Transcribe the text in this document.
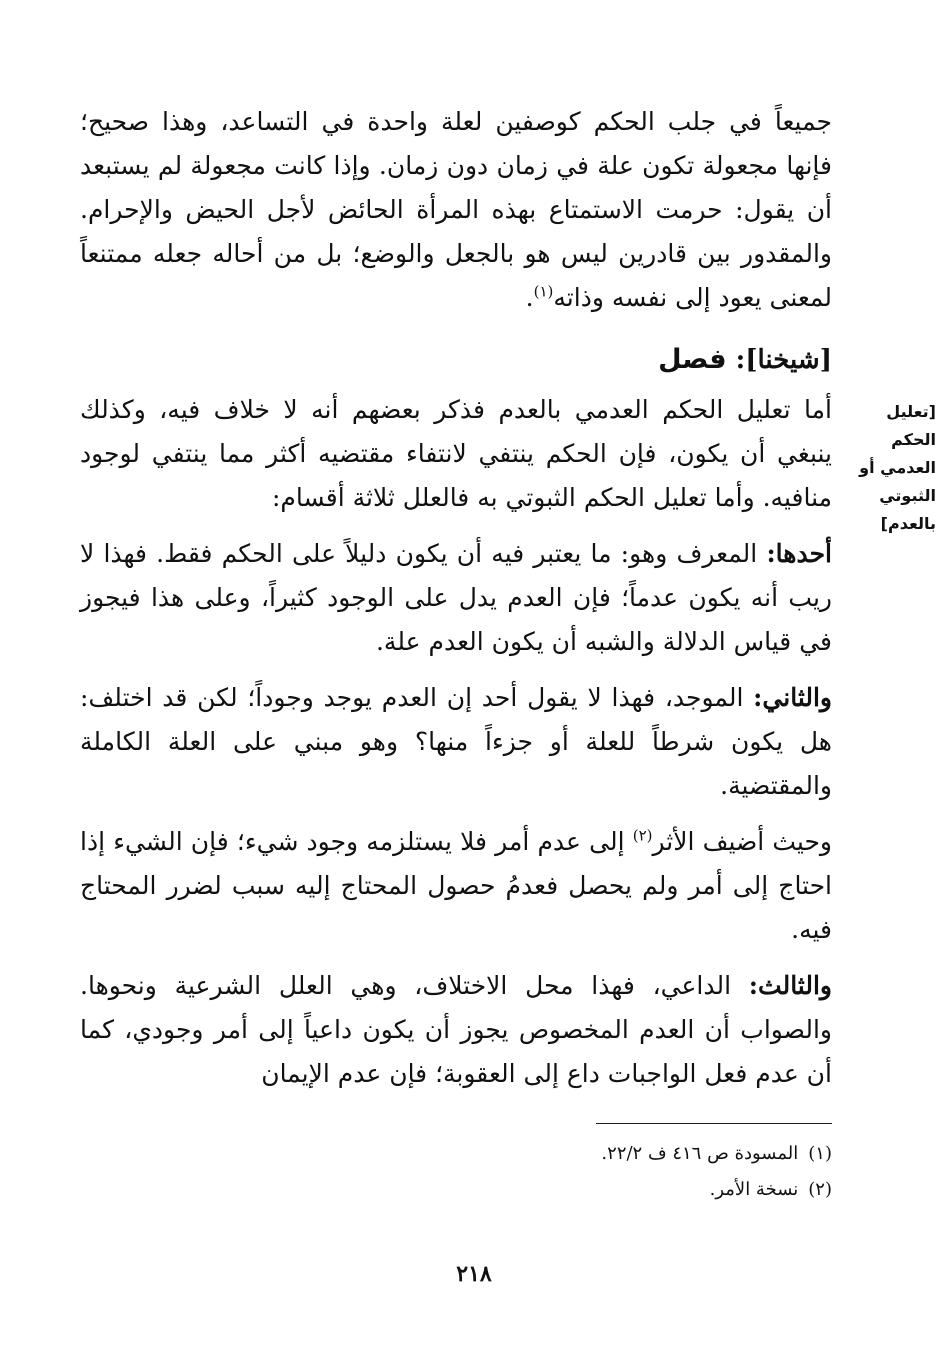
جميعاً في جلب الحكم كوصفين لعلة واحدة في التساعد، وهذا صحيح؛ فإنها مجعولة تكون علة في زمان دون زمان. وإذا كانت مجعولة لم يستبعد أن يقول: حرمت الاستمتاع بهذه المرأة الحائض لأجل الحيض والإحرام. والمقدور بين قادرين ليس هو بالجعل والوضع؛ بل من أحاله جعله ممتنعاً لمعنى يعود إلى نفسه وذاته$^{(١)}$.

[شيخنا]: فصل
[تعليل
الحكم
العدمي أو
الثبوتي
بالعدم]

أما تعليل الحكم العدمي بالعدم فذكر بعضهم أنه لا خلاف فيه، وكذلك ينبغي أن يكون، فإن الحكم ينتفي لانتفاء مقتضيه أكثر مما ينتفي لوجود منافيه. وأما تعليل الحكم الثبوتي به فالعلل ثلاثة أقسام:

أحدها: المعرف وهو: ما يعتبر فيه أن يكون دليلاً على الحكم فقط. فهذا لا ريب أنه يكون عدماً؛ فإن العدم يدل على الوجود كثيراً، وعلى هذا فيجوز في قياس الدلالة والشبه أن يكون العدم علة.

والثاني: الموجد، فهذا لا يقول أحد إن العدم يوجد وجوداً؛ لكن قد اختلف: هل يكون شرطاً للعلة أو جزءاً منها؟ وهو مبني على العلة الكاملة والمقتضية.

وحيث أضيف الأثر$^{(٢)}$ إلى عدم أمر فلا يستلزمه وجود شيء؛ فإن الشيء إذا احتاج إلى أمر ولم يحصل فعدمُ حصول المحتاج إليه سبب لضرر المحتاج فيه.

والثالث: الداعي، فهذا محل الاختلاف، وهي العلل الشرعية ونحوها. والصواب أن العدم المخصوص يجوز أن يكون داعياً إلى أمر وجودي، كما أن عدم فعل الواجبات داع إلى العقوبة؛ فإن عدم الإيمان

(١)المسودة ص ٤١٦ ف ٢٢/٢.
(٢)نسخة الأمر.
٢١٨
